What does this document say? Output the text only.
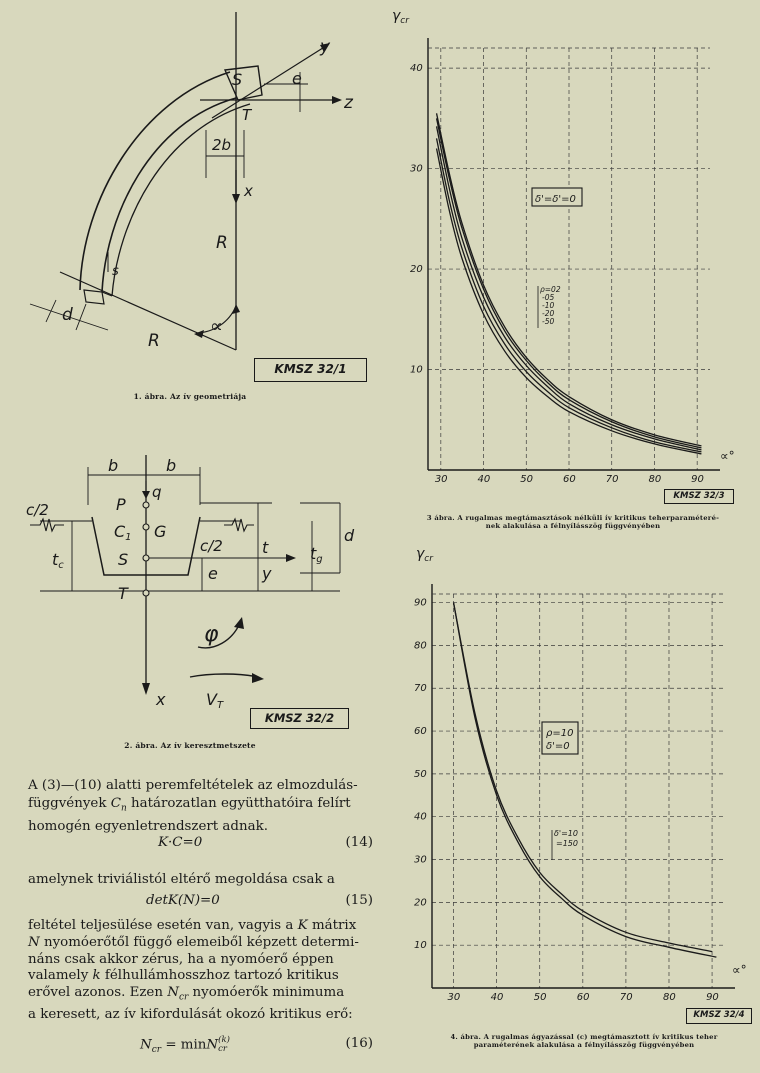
y
z
S
T
e
2b
x
R
R
s
d
∝
KMSZ 32/1
1. ábra. Az ív geometriája
b	b
c/2	P
q
C1 G
S
c/2 t
d
tc
tg
e	y
T
φ
x	VT
KMSZ 32/2
2. ábra. Az ív keresztmetszete
A (3)—(10) alatti peremfeltételek az elmozdulás-
függvények $C_n$ határozatlan együtthatóira felírt
homogén egyenletrendszert adnak.
K·C=0	(14)
amelynek triviálistól eltérő megoldása csak a
detK(N)=0	(15)
feltétel teljesülése esetén van, vagyis a K mátrix
N nyomóerőtől függő elemeiből képzett determi-
náns csak akkor zérus, ha a nyomóerő éppen
valamely k félhullámhosszhoz tartozó kritikus
erővel azonos. Ezen $N_{cr}$ nyomóerők minimuma
a keresett, az ív kifordulását okozó kritikus erő:
$N_{cr} = \min N$ (k)
cr	(16)
30	40	50	60	70	80	90
10
20
30
40
$\gamma_{cr}$
∝°
δ'=δ'=0
ρ=02
-05
-10
-20
-50
KMSZ 32/3
3 ábra. A rugalmas megtámasztások nélküli ív kritikus teherparaméteré-
nek alakulása a félnyílásszög függvényében
30	40	50	60	70	80	90
10
20
30
40
50
60
70
80
90
$\gamma_{cr}$
∝°
ρ=10
δ'=0
δ'=10
=150
KMSZ 32/4
4. ábra. A rugalmas ágyazással (c) megtámasztott ív kritikus teher
paraméterének alakulása a félnyílásszög függvényében
